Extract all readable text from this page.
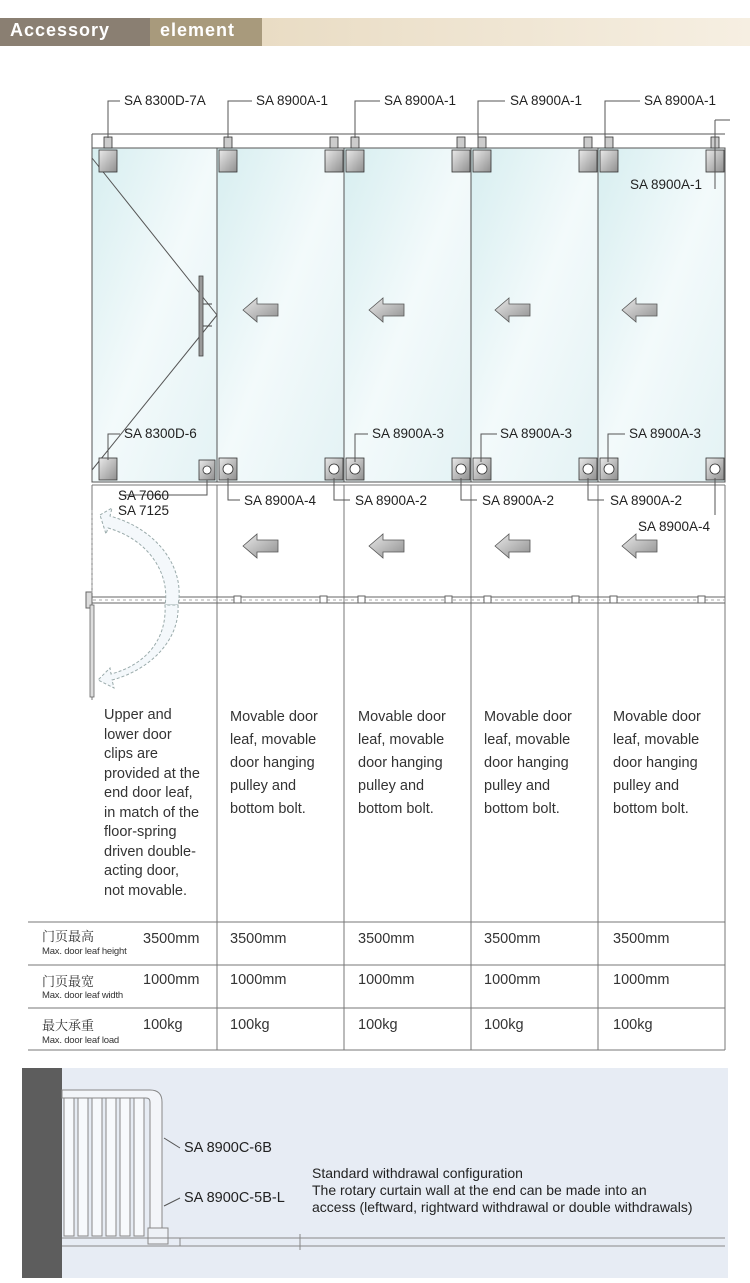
Accessory	element
SA 8300D-7A	SA 8900A-1	SA 8900A-1	SA 8900A-1	SA 8900A-1
SA 8900A-1
SA 8300D-6	SA 8900A-3	SA 8900A-3	SA 8900A-3
SA 7060
SA 7125
SA 8900A-4	SA 8900A-2	SA 8900A-2	SA 8900A-2
SA 8900A-4
Upper and
lower door
clips are
provided at the
end door leaf,
in match of the
floor-spring
driven double-
acting door,
not movable.
Movable door
leaf, movable
door hanging
pulley and
bottom bolt.
Movable door
leaf, movable
door hanging
pulley and
bottom bolt.
Movable door
leaf, movable
door hanging
pulley and
bottom bolt.
Movable door
leaf, movable
door hanging
pulley and
bottom bolt.
门页最高
Max. door leaf height
3500mm 3500mm	3500mm	3500mm	3500mm
门页最宽
Max. door leaf width
1000mm 1000mm	1000mm	1000mm	1000mm
最大承重
Max. door leaf load
100kg	100kg	100kg	100kg	100kg
SA 8900C-6B
SA 8900C-5B-L
Standard withdrawal configuration
The rotary curtain wall at the end can be made into an
access (leftward, rightward withdrawal or double withdrawals)
